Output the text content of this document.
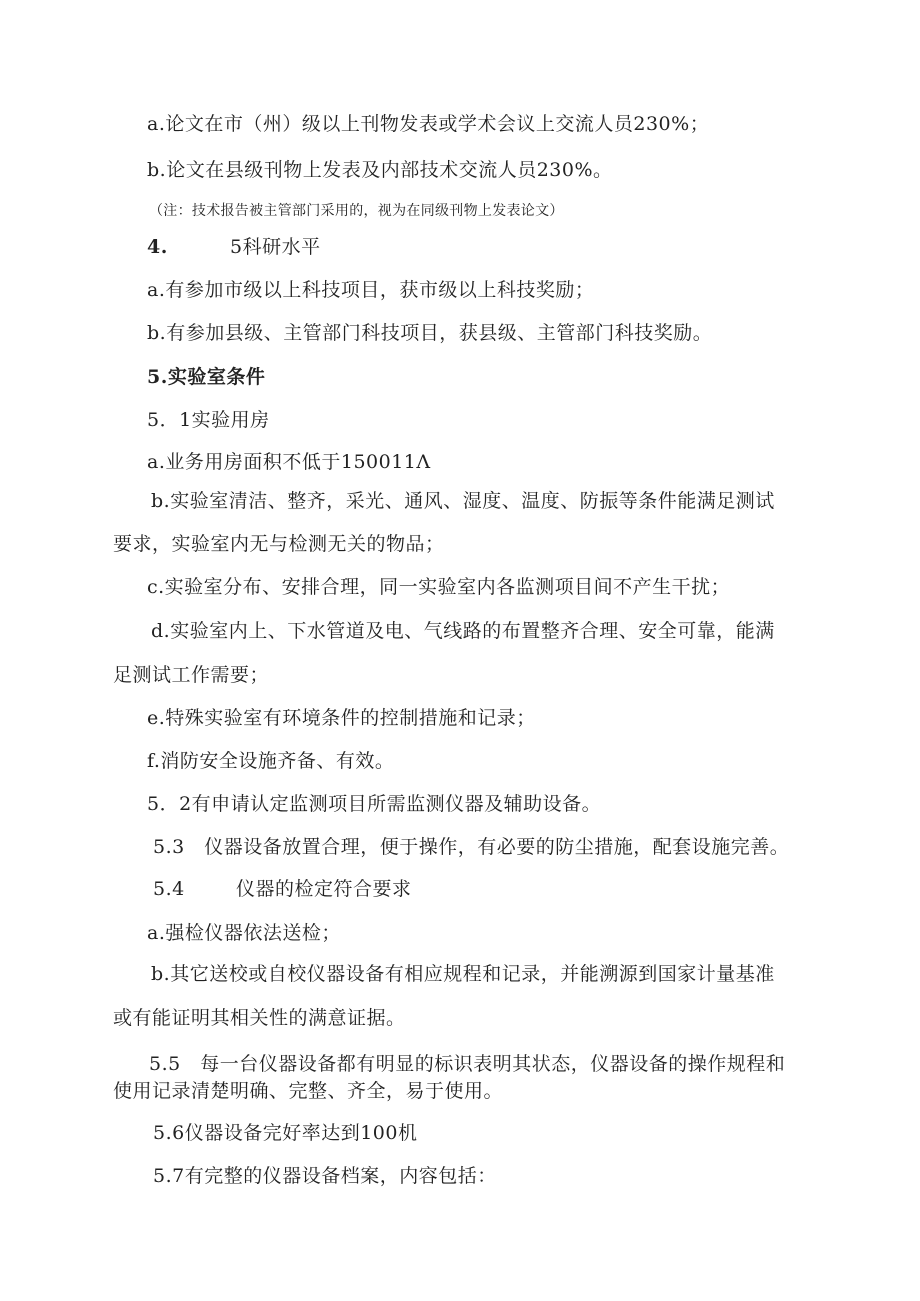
a.论文在市（州）级以上刊物发表或学术会议上交流人员230%；
b.论文在县级刊物上发表及内部技术交流人员230%。
（注：技术报告被主管部门采用的，视为在同级刊物上发表论文）
4.	5科研水平
a.有参加市级以上科技项目，获市级以上科技奖励；
b.有参加县级、主管部门科技项目，获县级、主管部门科技奖励。
5.实验室条件
5．1实验用房
a.业务用房面积不低于150011Λ
b.实验室清洁、整齐，采光、通风、湿度、温度、防振等条件能满足测试
要求，实验室内无与检测无关的物品；
c.实验室分布、安排合理，同一实验室内各监测项目间不产生干扰；
d.实验室内上、下水管道及电、气线路的布置整齐合理、安全可靠，能满
足测试工作需要；
e.特殊实验室有环境条件的控制措施和记录；
f.消防安全设施齐备、有效。
5．2有申请认定监测项目所需监测仪器及辅助设备。
5.3　仪器设备放置合理，便于操作，有必要的防尘措施，配套设施完善。
5.4	仪器的检定符合要求
a.强检仪器依法送检；
b.其它送校或自校仪器设备有相应规程和记录，并能溯源到国家计量基准
或有能证明其相关性的满意证据。
5.5　每一台仪器设备都有明显的标识表明其状态，仪器设备的操作规程和
使用记录清楚明确、完整、齐全，易于使用。
5.6仪器设备完好率达到100机
5.7有完整的仪器设备档案，内容包括：
